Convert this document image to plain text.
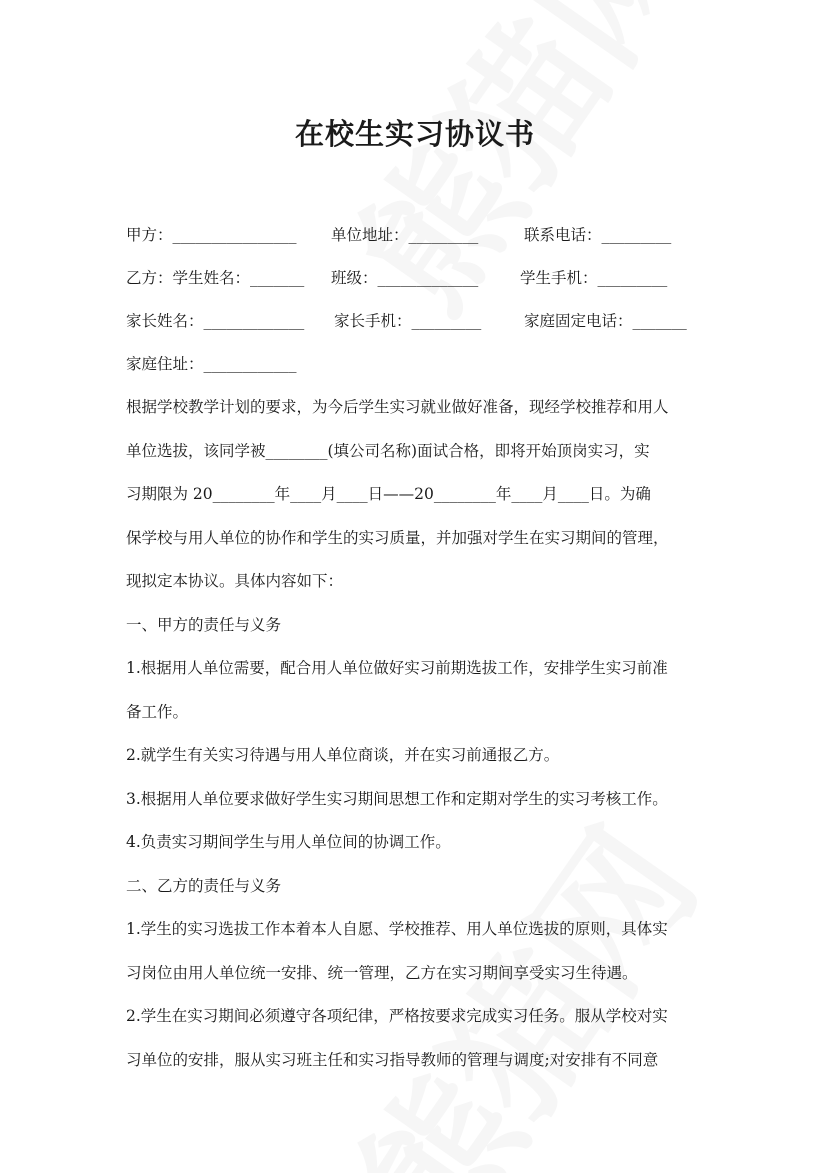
在校生实习协议书
甲方：________________ 单位地址：_________	联系电话：_________
乙方：学生姓名：_______ 班级：_____________	学生手机：_________
家长姓名：_____________ 家长手机：_________	家庭固定电话：_______
家庭住址：____________
根据学校教学计划的要求，为今后学生实习就业做好准备，现经学校推荐和用人
单位选拔，该同学被________(填公司名称)面试合格，即将开始顶岗实习，实
习期限为 20________年____月____日——20________年____月____日。为确
保学校与用人单位的协作和学生的实习质量，并加强对学生在实习期间的管理，
现拟定本协议。具体内容如下：
一、甲方的责任与义务
1.根据用人单位需要，配合用人单位做好实习前期选拔工作，安排学生实习前准
备工作。
2.就学生有关实习待遇与用人单位商谈，并在实习前通报乙方。
3.根据用人单位要求做好学生实习期间思想工作和定期对学生的实习考核工作。
4.负责实习期间学生与用人单位间的协调工作。
二、乙方的责任与义务
1.学生的实习选拔工作本着本人自愿、学校推荐、用人单位选拔的原则，具体实
习岗位由用人单位统一安排、统一管理，乙方在实习期间享受实习生待遇。
2.学生在实习期间必须遵守各项纪律，严格按要求完成实习任务。服从学校对实
习单位的安排，服从实习班主任和实习指导教师的管理与调度;对安排有不同意
